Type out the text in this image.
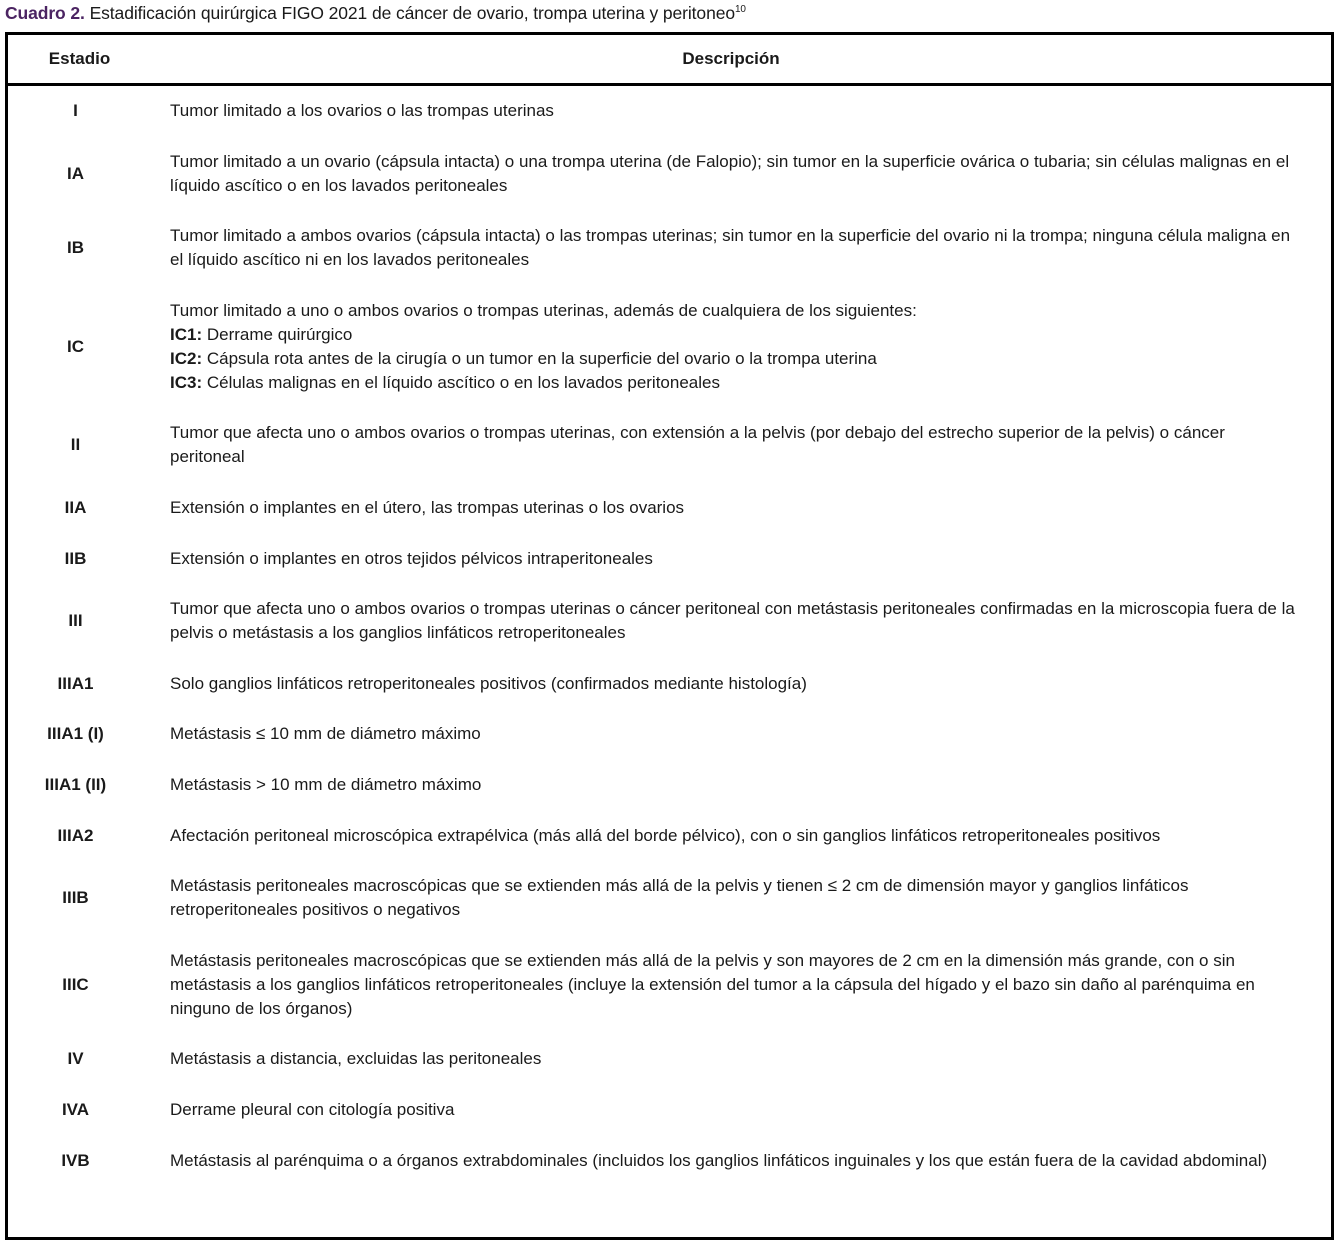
Cuadro 2. Estadificación quirúrgica FIGO 2021 de cáncer de ovario, trompa uterina y peritoneo$^{10}$
Estadio	Descripción
I	Tumor limitado a los ovarios o las trompas uterinas

IA	Tumor limitado a un ovario (cápsula intacta) o una trompa uterina (de Falopio); sin tumor en la superficie ovárica o tubaria; sin células malignas en el líquido ascítico o en los lavados peritoneales

IB	Tumor limitado a ambos ovarios (cápsula intacta) o las trompas uterinas; sin tumor en la superficie del ovario ni la trompa; ninguna célula maligna en el líquido ascítico ni en los lavados peritoneales

IC	Tumor limitado a uno o ambos ovarios o trompas uterinas, además de cualquiera de los siguientes:
IC1: Derrame quirúrgico
IC2: Cápsula rota antes de la cirugía o un tumor en la superficie del ovario o la trompa uterina
IC3: Células malignas en el líquido ascítico o en los lavados peritoneales

II	Tumor que afecta uno o ambos ovarios o trompas uterinas, con extensión a la pelvis (por debajo del estrecho superior de la pelvis) o cáncer peritoneal

IIA	Extensión o implantes en el útero, las trompas uterinas o los ovarios

IIB	Extensión o implantes en otros tejidos pélvicos intraperitoneales

III	Tumor que afecta uno o ambos ovarios o trompas uterinas o cáncer peritoneal con metástasis peritoneales confirmadas en la microscopia fuera de la pelvis o metástasis a los ganglios linfáticos retroperitoneales

IIIA1	Solo ganglios linfáticos retroperitoneales positivos (confirmados mediante histología)

IIIA1 (I)	Metástasis ≤ 10 mm de diámetro máximo

IIIA1 (II)	Metástasis > 10 mm de diámetro máximo

IIIA2	Afectación peritoneal microscópica extrapélvica (más allá del borde pélvico), con o sin ganglios linfáticos retroperitoneales positivos

IIIB	Metástasis peritoneales macroscópicas que se extienden más allá de la pelvis y tienen ≤ 2 cm de dimensión mayor y ganglios linfáticos retroperitoneales positivos o negativos

IIIC	Metástasis peritoneales macroscópicas que se extienden más allá de la pelvis y son mayores de 2 cm en la dimensión más grande, con o sin metástasis a los ganglios linfáticos retroperitoneales (incluye la extensión del tumor a la cápsula del hígado y el bazo sin daño al parénquima en ninguno de los órganos)

IV	Metástasis a distancia, excluidas las peritoneales

IVA	Derrame pleural con citología positiva

IVB	Metástasis al parénquima o a órganos extrabdominales (incluidos los ganglios linfáticos inguinales y los que están fuera de la cavidad abdominal)
